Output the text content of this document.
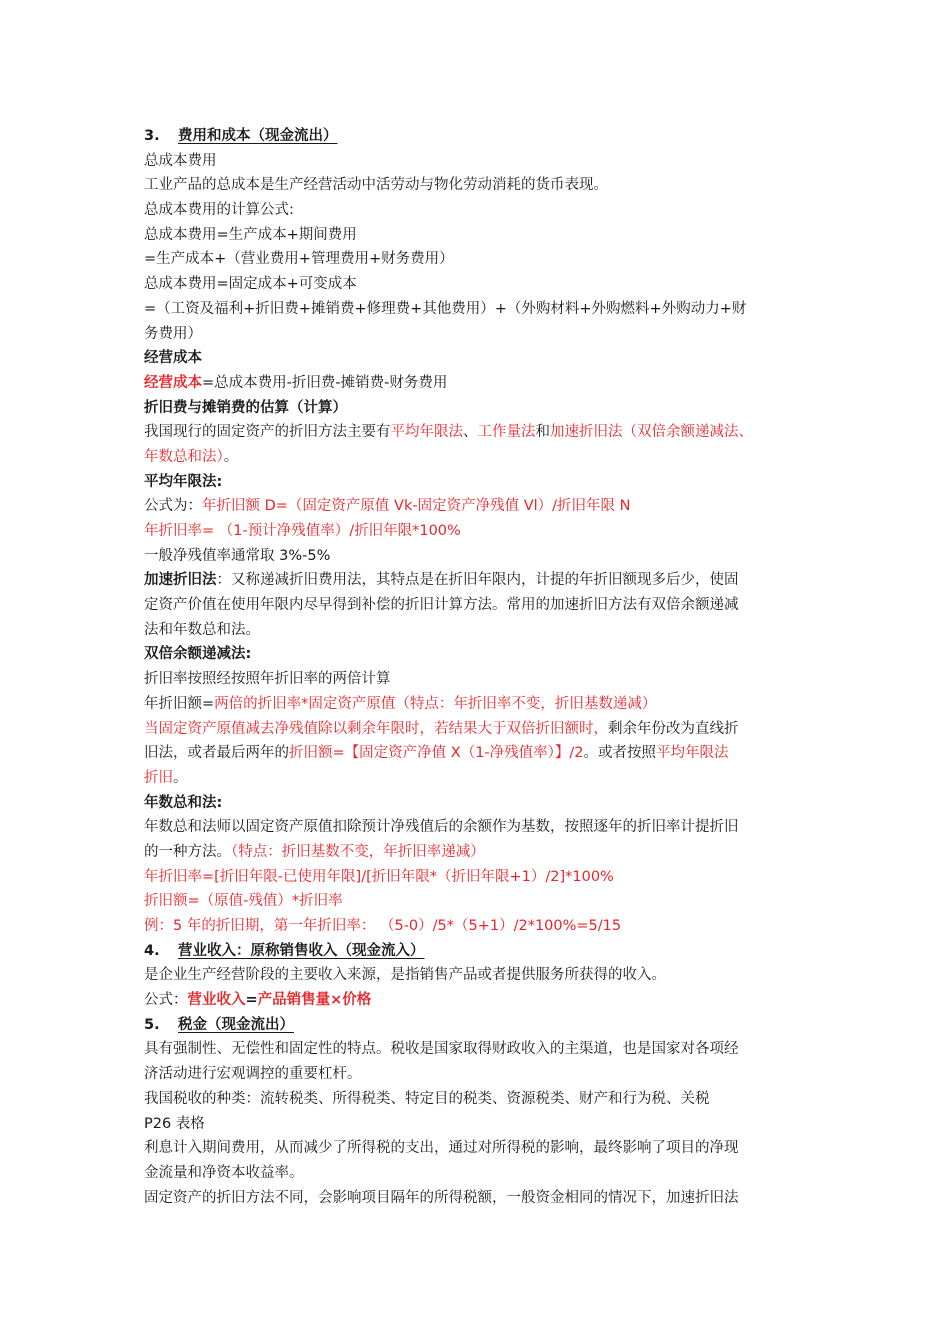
3. 费用和成本（现金流出）
总成本费用
工业产品的总成本是生产经营活动中活劳动与物化劳动消耗的货币表现。
总成本费用的计算公式:
总成本费用=生产成本+期间费用
=生产成本+（营业费用+管理费用+财务费用）
总成本费用=固定成本+可变成本
=（工资及福利+折旧费+摊销费+修理费+其他费用）+（外购材料+外购燃料+外购动力+财
务费用）
经营成本
经营成本=总成本费用-折旧费-摊销费-财务费用
折旧费与摊销费的估算（计算）
我国现行的固定资产的折旧方法主要有平均年限法、工作量法和加速折旧法（双倍余额递减法、
年数总和法）。
平均年限法:
公式为：年折旧额 D=（固定资产原值 Vk-固定资产净残值 Vl）/折旧年限 N
年折旧率= （1-预计净残值率）/折旧年限*100%
一般净残值率通常取 3%-5%
加速折旧法：又称递减折旧费用法，其特点是在折旧年限内，计提的年折旧额现多后少，使固
定资产价值在使用年限内尽早得到补偿的折旧计算方法。常用的加速折旧方法有双倍余额递减
法和年数总和法。
双倍余额递减法:
折旧率按照经按照年折旧率的两倍计算
年折旧额=两倍的折旧率*固定资产原值（特点：年折旧率不变，折旧基数递减）
当固定资产原值减去净残值除以剩余年限时，若结果大于双倍折旧额时，剩余年份改为直线折
旧法，或者最后两年的折旧额=【固定资产净值 X（1-净残值率）】/2。或者按照平均年限法
折旧。
年数总和法:
年数总和法师以固定资产原值扣除预计净残值后的余额作为基数，按照逐年的折旧率计提折旧
的一种方法。（特点：折旧基数不变，年折旧率递减）
年折旧率=[折旧年限-已使用年限]/[折旧年限*（折旧年限+1）/2]*100%
折旧额=（原值-残值）*折旧率
例：5 年的折旧期，第一年折旧率： （5-0）/5*（5+1）/2*100%=5/15
4. 营业收入：原称销售收入（现金流入）
是企业生产经营阶段的主要收入来源，是指销售产品或者提供服务所获得的收入。
公式：营业收入=产品销售量×价格
5. 税金（现金流出）
具有强制性、无偿性和固定性的特点。税收是国家取得财政收入的主渠道，也是国家对各项经
济活动进行宏观调控的重要杠杆。
我国税收的种类：流转税类、所得税类、特定目的税类、资源税类、财产和行为税、关税
P26 表格
利息计入期间费用，从而减少了所得税的支出，通过对所得税的影响，最终影响了项目的净现
金流量和净资本收益率。
固定资产的折旧方法不同，会影响项目隔年的所得税额，一般资金相同的情况下，加速折旧法
